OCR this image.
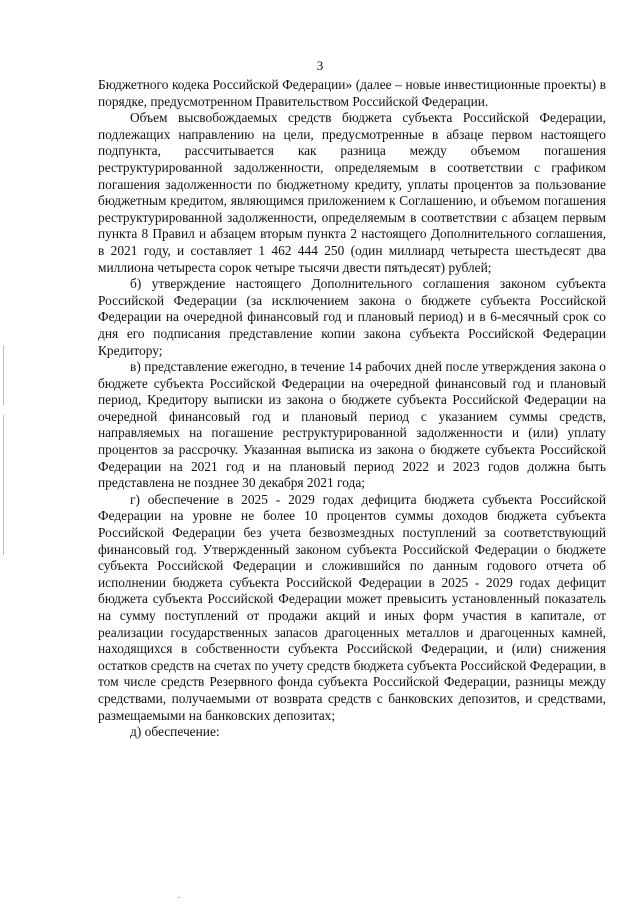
3

Бюджетного кодека Российской Федерации» (далее – новые инвестиционные проекты) в порядке, предусмотренном Правительством Российской Федерации.

Объем высвобождаемых средств бюджета субъекта Российской Федерации, подлежащих направлению на цели, предусмотренные в абзаце первом настоящего подпункта, рассчитывается как разница между объемом погашения реструктурированной задолженности, определяемым в соответствии с графиком погашения задолженности по бюджетному кредиту, уплаты процентов за пользование бюджетным кредитом, являющимся приложением к Соглашению, и объемом погашения реструктурированной задолженности, определяемым в соответствии с абзацем первым пункта 8 Правил и абзацем вторым пункта 2 настоящего Дополнительного соглашения, в 2021 году, и составляет 1 462 444 250 (один миллиард четыреста шестьдесят два миллиона четыреста сорок четыре тысячи двести пятьдесят) рублей;

б) утверждение настоящего Дополнительного соглашения законом субъекта Российской Федерации (за исключением закона о бюджете субъекта Российской Федерации на очередной финансовый год и плановый период) и в 6-месячный срок со дня его подписания представление копии закона субъекта Российской Федерации Кредитору;

в) представление ежегодно, в течение 14 рабочих дней после утверждения закона о бюджете субъекта Российской Федерации на очередной финансовый год и плановый период, Кредитору выписки из закона о бюджете субъекта Российской Федерации на очередной финансовый год и плановый период с указанием суммы средств, направляемых на погашение реструктурированной задолженности и (или) уплату процентов за рассрочку. Указанная выписка из закона о бюджете субъекта Российской Федерации на 2021 год и на плановый период 2022 и 2023 годов должна быть представлена не позднее 30 декабря 2021 года;

г) обеспечение в 2025 - 2029 годах дефицита бюджета субъекта Российской Федерации на уровне не более 10 процентов суммы доходов бюджета субъекта Российской Федерации без учета безвозмездных поступлений за соответствующий финансовый год. Утвержденный законом субъекта Российской Федерации о бюджете субъекта Российской Федерации и сложившийся по данным годового отчета об исполнении бюджета субъекта Российской Федерации в 2025 - 2029 годах дефицит бюджета субъекта Российской Федерации может превысить установленный показатель на сумму поступлений от продажи акций и иных форм участия в капитале, от реализации государственных запасов драгоценных металлов и драгоценных камней, находящихся в собственности субъекта Российской Федерации, и (или) снижения остатков средств на счетах по учету средств бюджета субъекта Российской Федерации, в том числе средств Резервного фонда субъекта Российской Федерации, разницы между средствами, получаемыми от возврата средств с банковских депозитов, и средствами, размещаемыми на банковских депозитах;

д) обеспечение:
